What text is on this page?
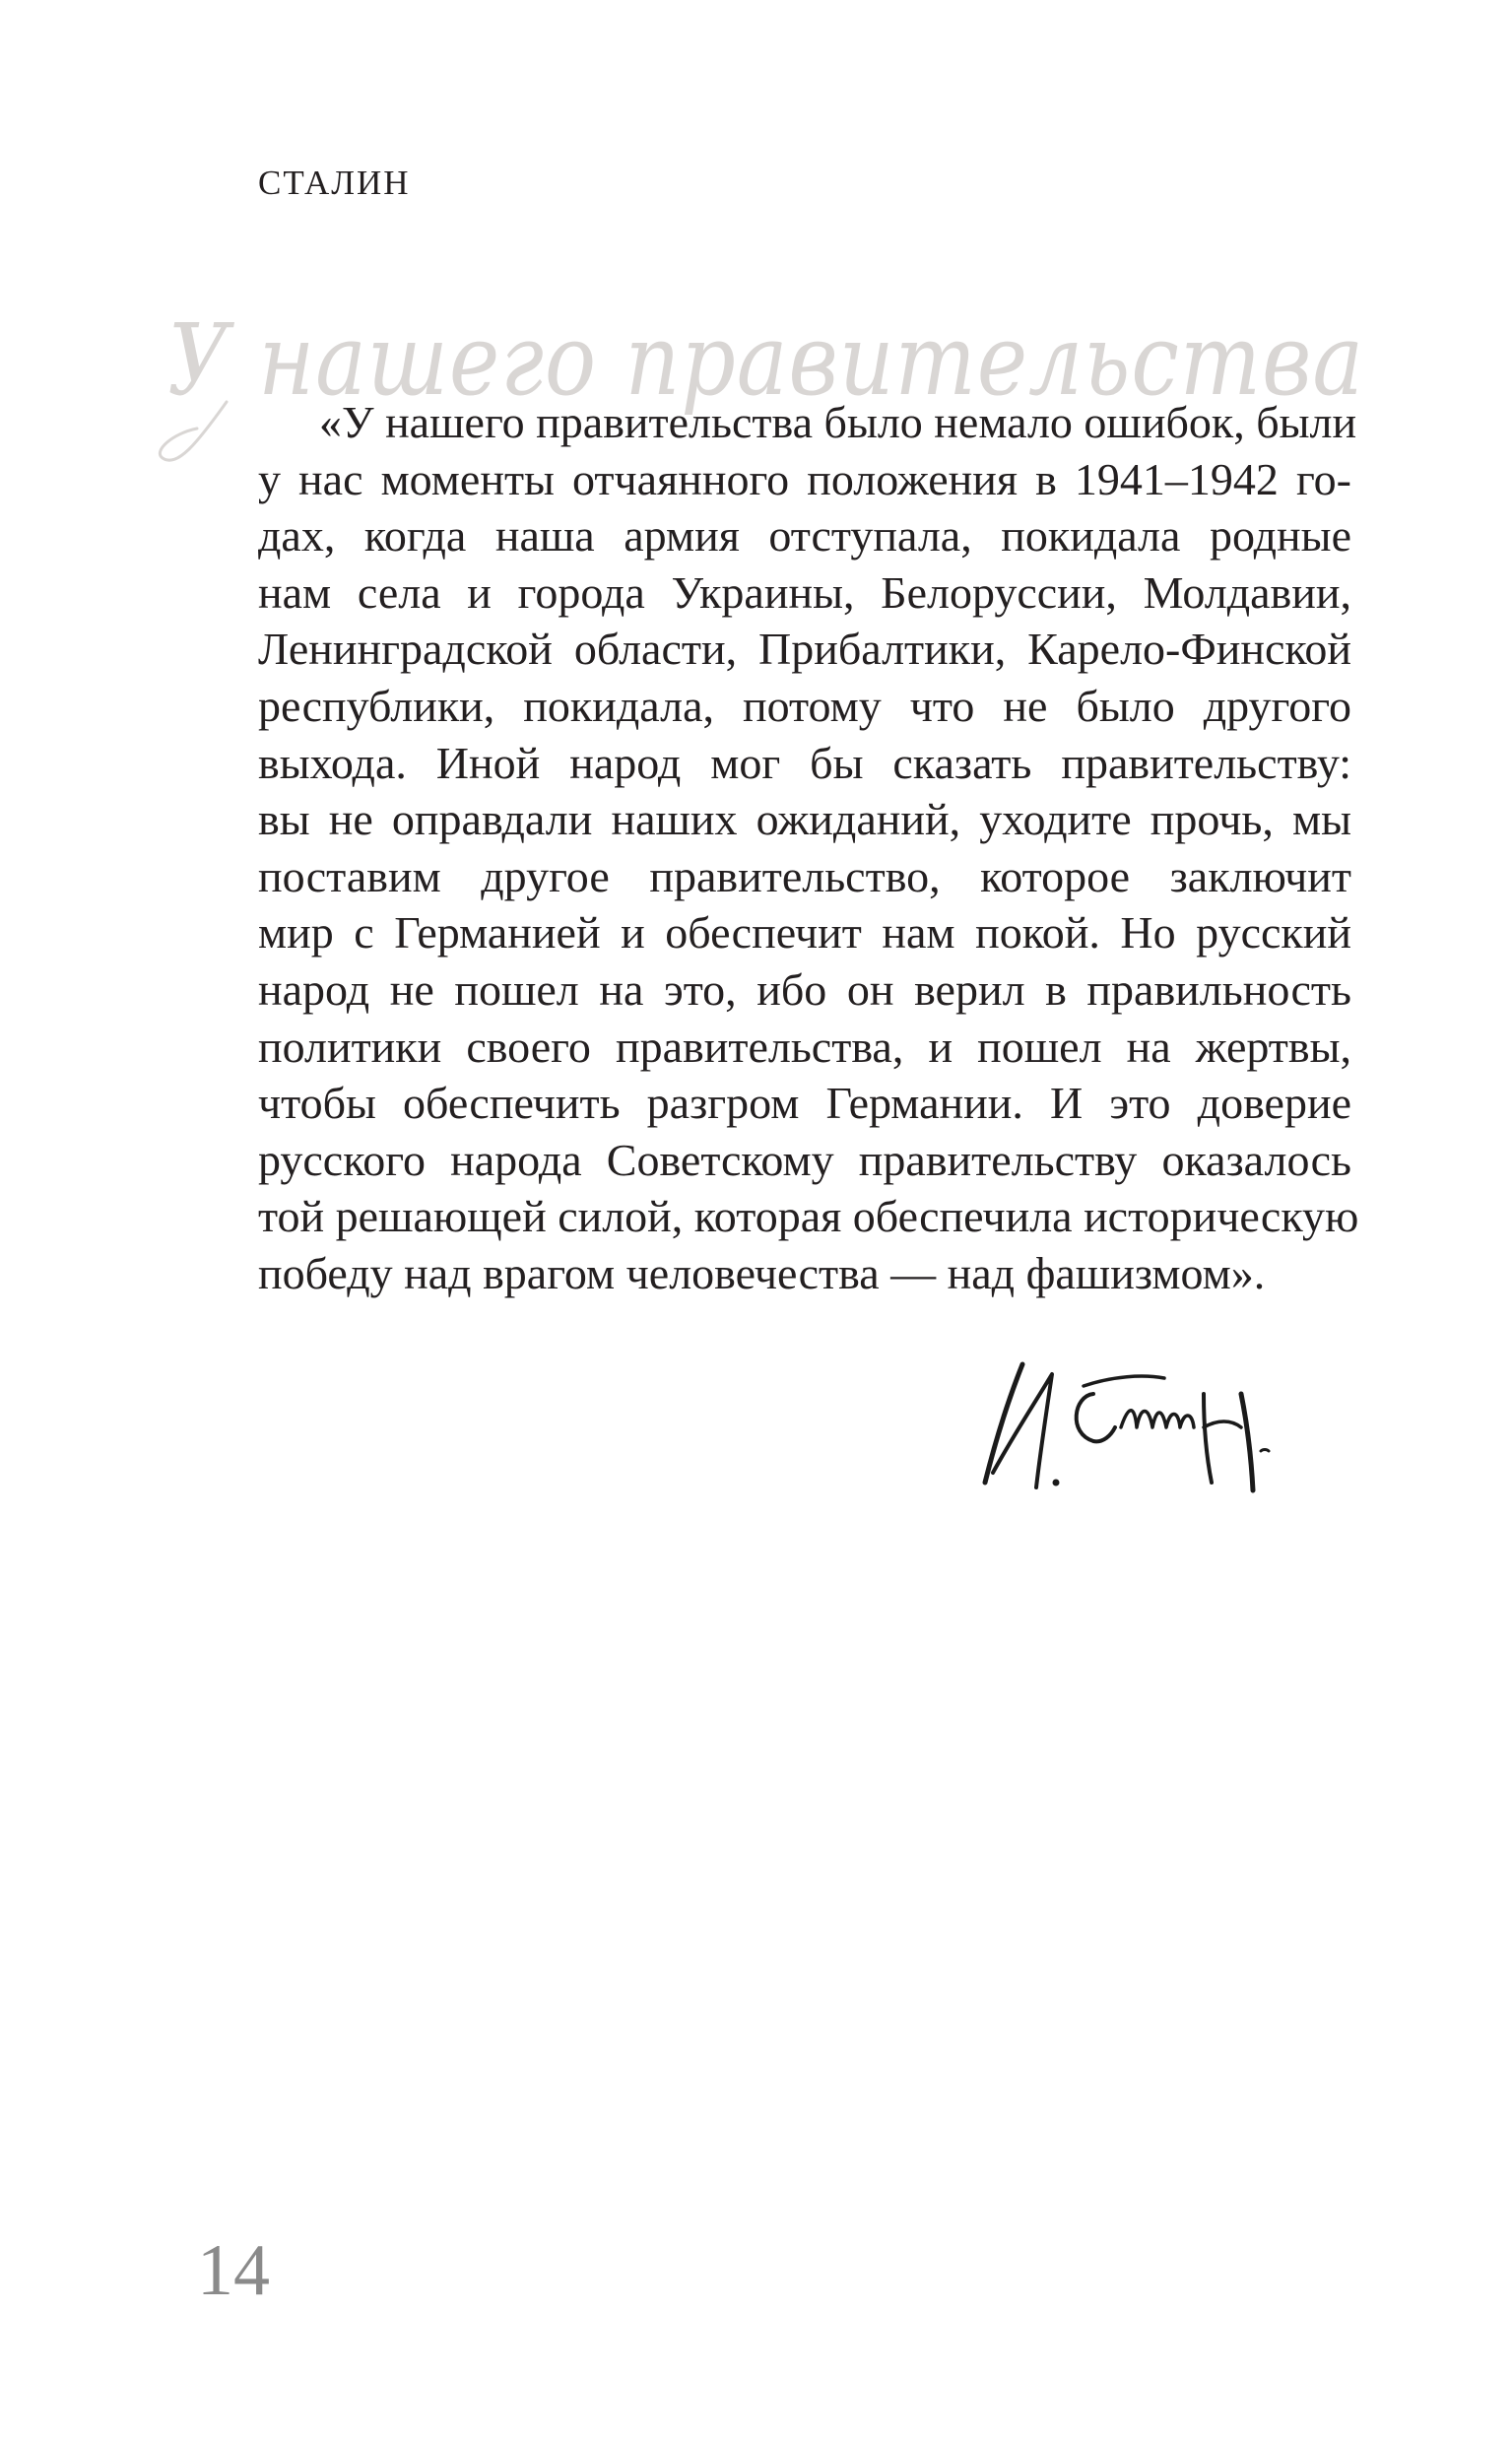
СТАЛИН
У нашего правительства
«У нашего правительства было немало ошибок, были
у нас моменты отчаянного положения в 1941–1942 го-
дах, когда наша армия отступала, покидала родные
нам села и города Украины, Белоруссии, Молдавии,
Ленинградской области, Прибалтики, Карело-Финской
республики, покидала, потому что не было другого
выхода. Иной народ мог бы сказать правительству:
вы не оправдали наших ожиданий, уходите прочь, мы
поставим другое правительство, которое заключит
мир с Германией и обеспечит нам покой. Но русский
народ не пошел на это, ибо он верил в правильность
политики своего правительства, и пошел на жертвы,
чтобы обеспечить разгром Германии. И это доверие
русского народа Советскому правительству оказалось
той решающей силой, которая обеспечила историческую
победу над врагом человечества — над фашизмом».
14
